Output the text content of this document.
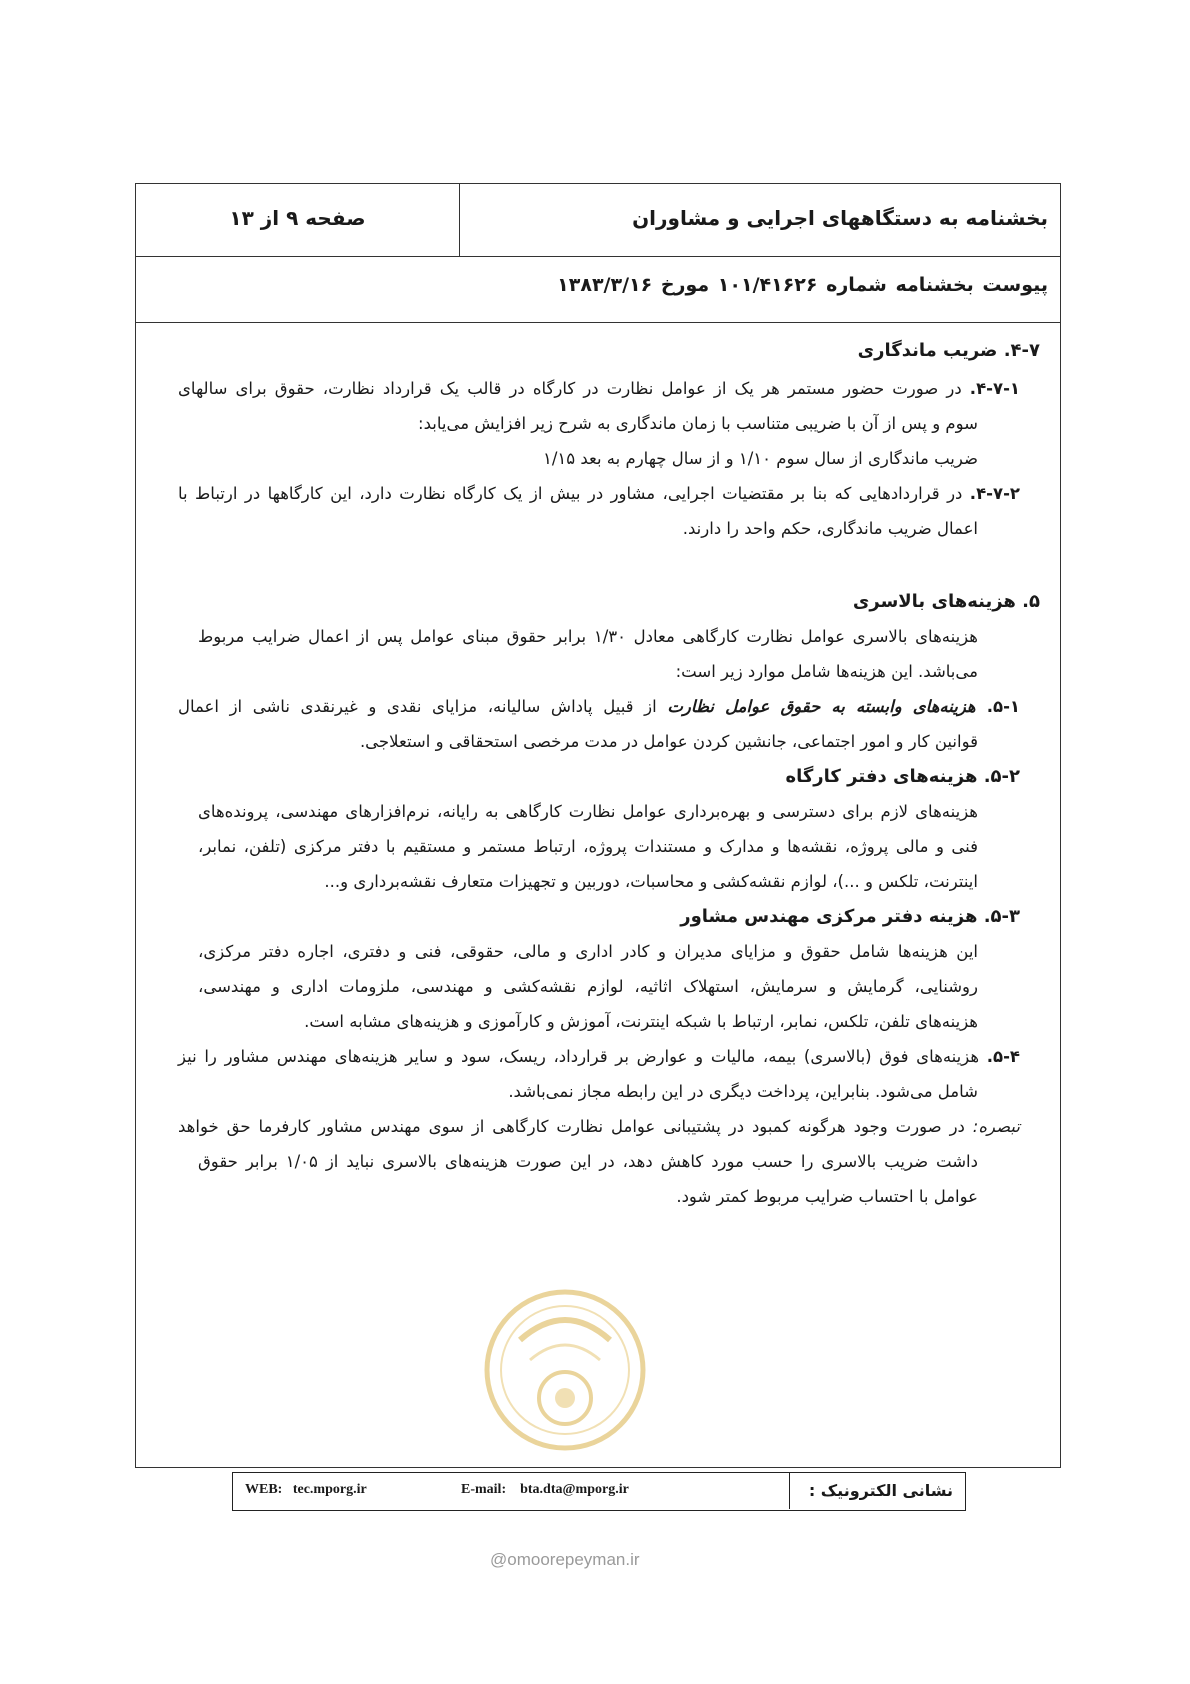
بخشنامه به دستگاههای اجرایی و مشاوران
صفحه ۹ از ۱۳
پیوست بخشنامه شماره ۱۰۱/۴۱۶۲۶ مورخ ۱۳۸۳/۳/۱۶
۴-۷. ضریب ماندگاری
۴-۷-۱. در صورت حضور مستمر هر یک از عوامل نظارت در کارگاه در قالب یک قرارداد نظارت، حقوق برای سالهای
سوم و پس از آن با ضریبی متناسب با زمان ماندگاری به شرح زیر افزایش می‌یابد:
ضریب ماندگاری از سال سوم ۱/۱۰ و از سال چهارم به بعد ۱/۱۵
۴-۷-۲. در قراردادهایی که بنا بر مقتضیات اجرایی، مشاور در بیش از یک کارگاه نظارت دارد، این کارگاهها در ارتباط با
اعمال ضریب ماندگاری، حکم واحد را دارند.
۵. هزینه‌های بالاسری
هزینه‌های بالاسری عوامل نظارت کارگاهی معادل ۱/۳۰ برابر حقوق مبنای عوامل پس از اعمال ضرایب مربوط
می‌باشد. این هزینه‌ها شامل موارد زیر است:
۵-۱. هزینه‌های وابسته به حقوق عوامل نظارت از قبیل پاداش سالیانه، مزایای نقدی و غیرنقدی ناشی از اعمال
قوانین کار و امور اجتماعی، جانشین کردن عوامل در مدت مرخصی استحقاقی و استعلاجی.
۵-۲. هزینه‌های دفتر کارگاه
هزینه‌های لازم برای دسترسی و بهره‌برداری عوامل نظارت کارگاهی به رایانه، نرم‌افزارهای مهندسی، پرونده‌های
فنی و مالی پروژه، نقشه‌ها و مدارک و مستندات پروژه، ارتباط مستمر و مستقیم با دفتر مرکزی (تلفن، نمابر،
اینترنت، تلکس و ...)، لوازم نقشه‌کشی و محاسبات، دوربین و تجهیزات متعارف نقشه‌برداری و...
۵-۳. هزینه دفتر مرکزی مهندس مشاور
این هزینه‌ها شامل حقوق و مزایای مدیران و کادر اداری و مالی، حقوقی، فنی و دفتری، اجاره دفتر مرکزی،
روشنایی، گرمایش و سرمایش، استهلاک اثاثیه، لوازم نقشه‌کشی و مهندسی، ملزومات اداری و مهندسی،
هزینه‌های تلفن، تلکس، نمابر، ارتباط با شبکه اینترنت، آموزش و کارآموزی و هزینه‌های مشابه است.
۵-۴. هزینه‌های فوق (بالاسری) بیمه، مالیات و عوارض بر قرارداد، ریسک، سود و سایر هزینه‌های مهندس مشاور را نیز
شامل می‌شود. بنابراین، پرداخت دیگری در این رابطه مجاز نمی‌باشد.
تبصره: در صورت وجود هرگونه کمبود در پشتیبانی عوامل نظارت کارگاهی از سوی مهندس مشاور کارفرما حق خواهد
داشت ضریب بالاسری را حسب مورد کاهش دهد، در این صورت هزینه‌های بالاسری نباید از ۱/۰۵ برابر حقوق
عوامل با احتساب ضرایب مربوط کمتر شود.
نشانی الکترونیک :
WEB: tec.mporg.ir	E-mail: bta.dta@mporg.ir
@omoorepeyman.ir
